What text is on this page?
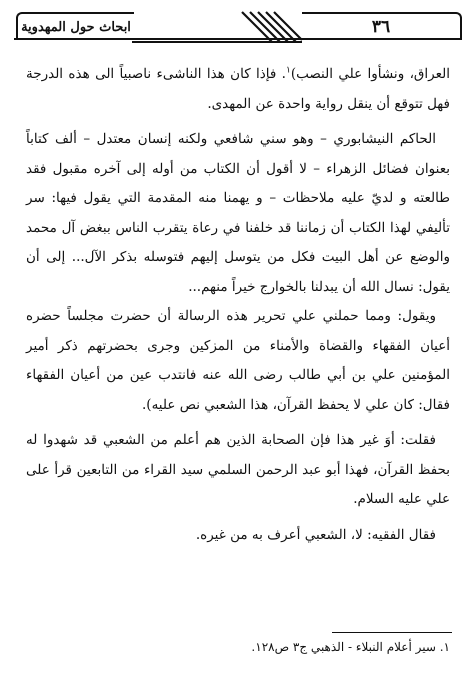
ابحاث حول المهدوية	٣٦

العراق، ونشأوا علي النصب)$^١$. فإذا كان هذا الناشىء ناصبياً الى هذه الدرجة فهل تتوقع أن ينقل رواية واحدة عن المهدى.

الحاكم النيشابوري – وهو سني شافعي ولكنه إنسان معتدل – ألف كتاباً بعنوان فضائل الزهراء – لا أقول أن الكتاب من أوله إلى آخره مقبول فقد طالعته و لديّ عليه ملاحظات – و يهمنا منه المقدمة التي يقول فيها: سر تأليفي لهذا الكتاب أن زماننا قد خلفنا في رعاة يتقرب الناس ببغض آل محمد والوضع عن أهل البيت فكل من يتوسل إليهم فتوسله بذكر الآل... إلى أن يقول: نسال الله أن يبدلنا بالخوارج خيراً منهم...

ويقول: ومما حملني علي تحرير هذه الرسالة أن حضرت مجلساً حضره أعيان الفقهاء والقضاة والأمناء من المزكين وجرى بحضرتهم ذكر أمير المؤمنين علي بن أبي طالب رضى الله عنه فانتدب عين من أعيان الفقهاء فقال: كان علي لا يحفظ القرآن، هذا الشعبي نص عليه).

فقلت: أوَ غير هذا فإن الصحابة الذين هم أعلم من الشعبي قد شهدوا له بحفظ القرآن، فهذا أبو عبد الرحمن السلمي سيد القراء من التابعين قرأ على علي عليه السلام.

فقال الفقيه: لا، الشعبي أعرف به من غيره.

١. سير أعلام النبلاء - الذهبي ج٣ ص١٢٨.
